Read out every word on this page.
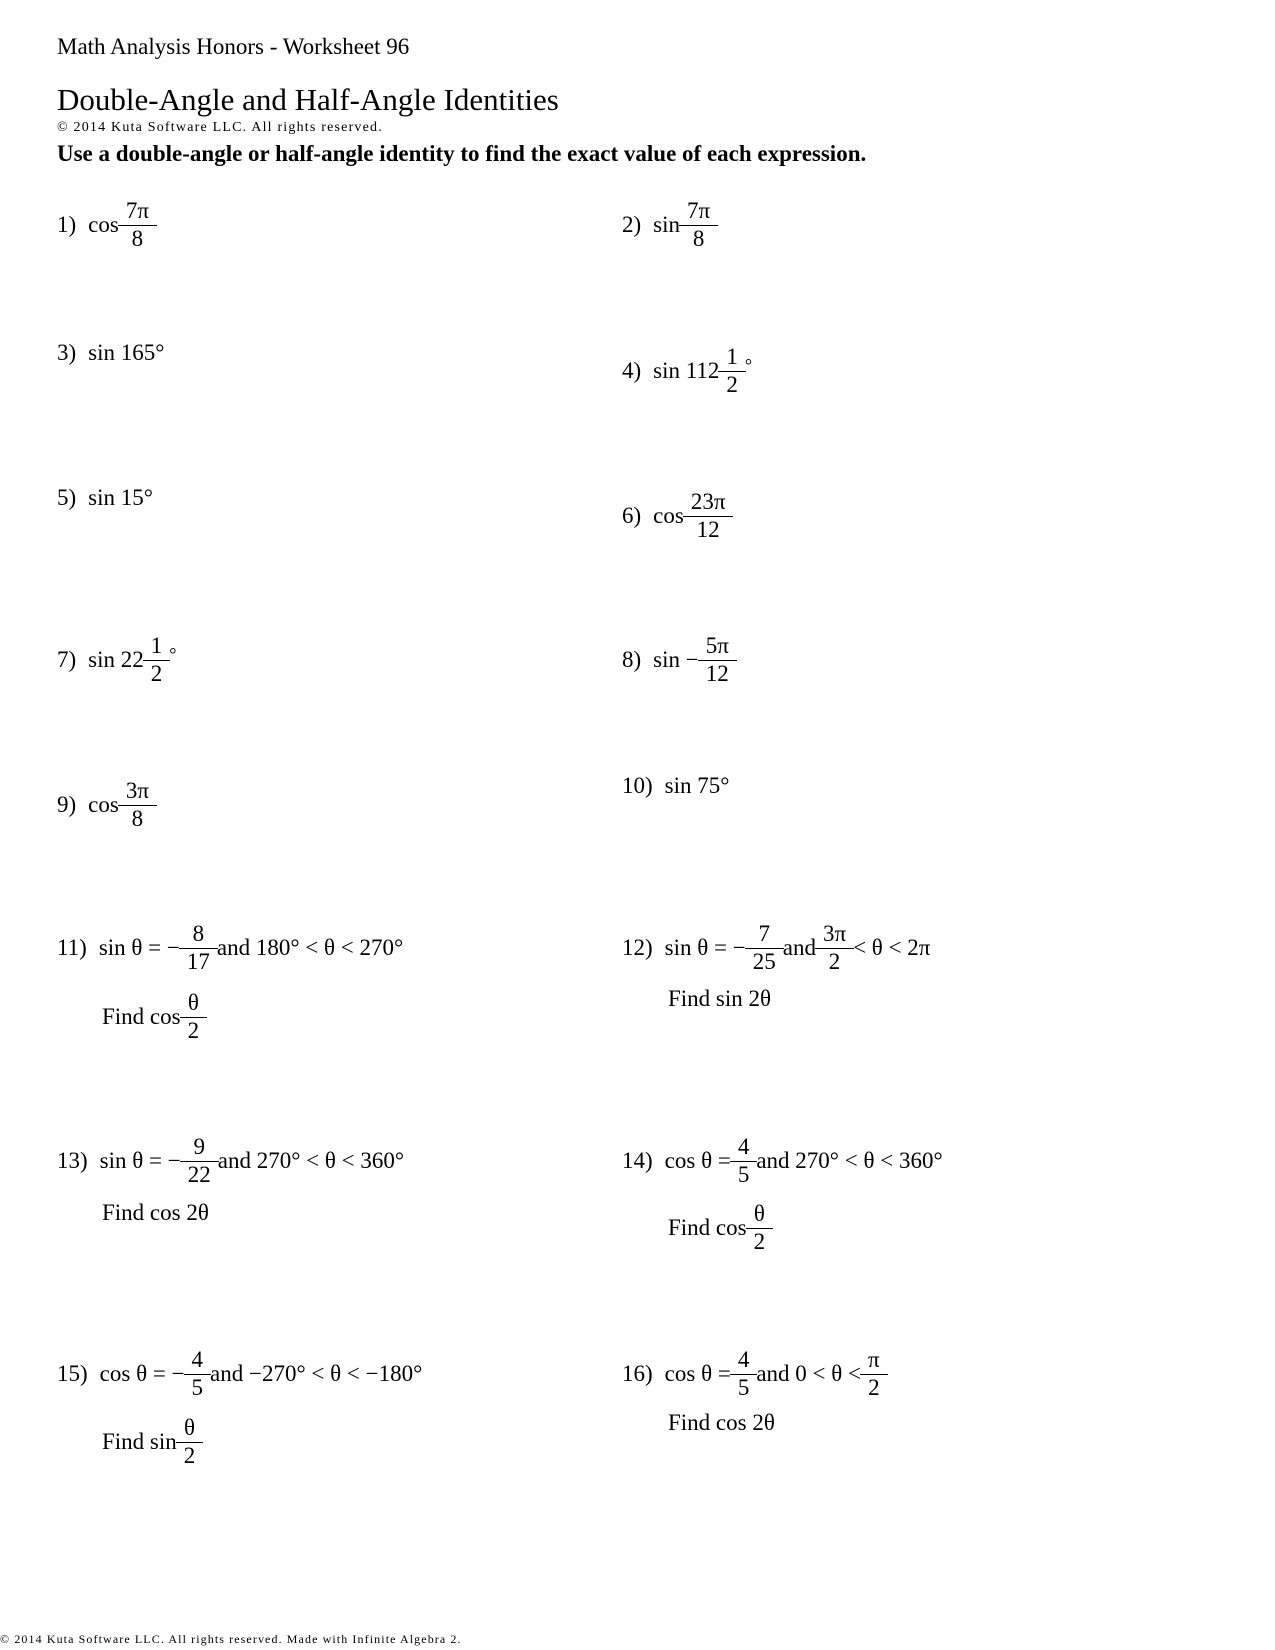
Math Analysis Honors - Worksheet 96
Double-Angle and Half-Angle Identities
© 2014 Kuta Software LLC. All rights reserved.
Use a double-angle or half-angle identity to find the exact value of each expression.
1) $\cos \frac{7\pi}{8}$	2) $\sin \frac{7\pi}{8}$
3) sin 165°
4) $\sin 112 \frac{1}{2}$ °
5) sin 15°
6) $\cos \frac{23\pi}{12}$
7) $\sin 22 \frac{1}{2}$ °	8) $\sin - \frac{5\pi}{12}$
9) $\cos \frac{3\pi}{8}$	10) sin 75°
11) sin θ = − $\frac{8}{17}$ and 180° < θ < 270°
Find $\cos \frac{\theta}{2}$
12) sin θ = − $\frac{7}{25}$ and $\frac{3\pi}{2} < \theta < 2\pi$
Find sin 2θ
13) sin θ = − $\frac{9}{22}$ and 270° < θ < 360°
Find cos 2θ
14) $\cos \theta = \frac{4}{5}$ and 270° < θ < 360°
Find $\cos \frac{\theta}{2}$
15) cos θ = − $\frac{4}{5}$ and −270° < θ < −180°
Find $\sin \frac{\theta}{2}$
16) $\cos \theta = \frac{4}{5}$ and $0 < \theta < \frac{\pi}{2}$
Find cos 2θ
© 2014 Kuta Software LLC. All rights reserved. Made with Infinite Algebra 2.
